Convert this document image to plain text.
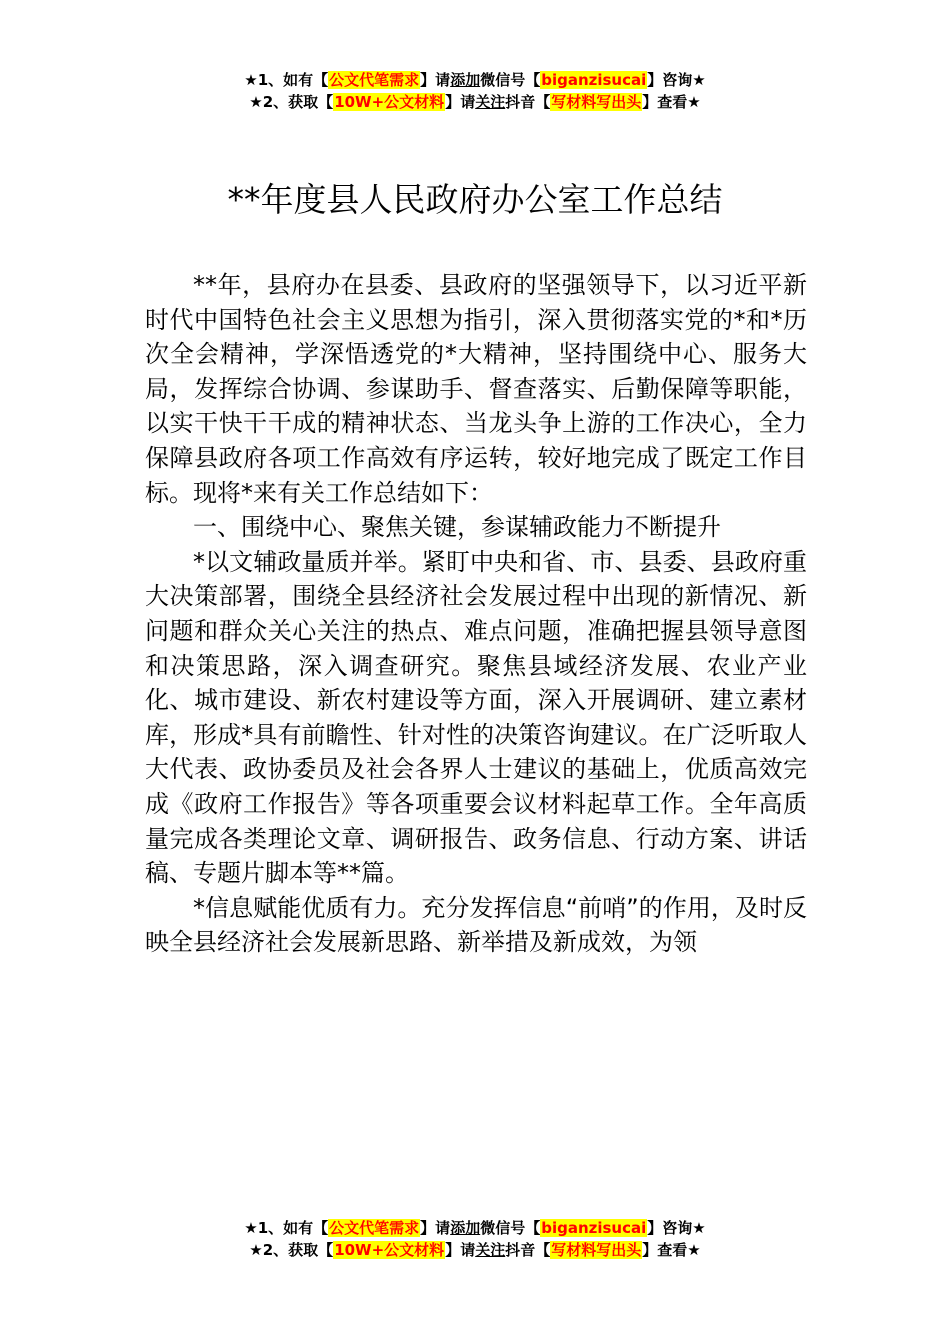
★1、如有【公文代笔需求】请添加微信号【biganzisucai】咨询★
★2、获取【10W+公文材料】请关注抖音【写材料写出头】查看★
**年度县人民政府办公室工作总结

**年，县府办在县委、县政府的坚强领导下，以习近平新时代中国特色社会主义思想为指引，深入贯彻落实党的*和*历次全会精神，学深悟透党的*大精神，坚持围绕中心、服务大局，发挥综合协调、参谋助手、督查落实、后勤保障等职能，以实干快干干成的精神状态、当龙头争上游的工作决心，全力保障县政府各项工作高效有序运转，较好地完成了既定工作目标。现将*来有关工作总结如下：

一、围绕中心、聚焦关键，参谋辅政能力不断提升

*以文辅政量质并举。紧盯中央和省、市、县委、县政府重大决策部署，围绕全县经济社会发展过程中出现的新情况、新问题和群众关心关注的热点、难点问题，准确把握县领导意图和决策思路，深入调查研究。聚焦县域经济发展、农业产业化、城市建设、新农村建设等方面，深入开展调研、建立素材库，形成*具有前瞻性、针对性的决策咨询建议。在广泛听取人大代表、政协委员及社会各界人士建议的基础上，优质高效完成《政府工作报告》等各项重要会议材料起草工作。全年高质量完成各类理论文章、调研报告、政务信息、行动方案、讲话稿、专题片脚本等**篇。

*信息赋能优质有力。充分发挥信息“前哨”的作用，及时反映全县经济社会发展新思路、新举措及新成效，为领

★1、如有【公文代笔需求】请添加微信号【biganzisucai】咨询★
★2、获取【10W+公文材料】请关注抖音【写材料写出头】查看★
